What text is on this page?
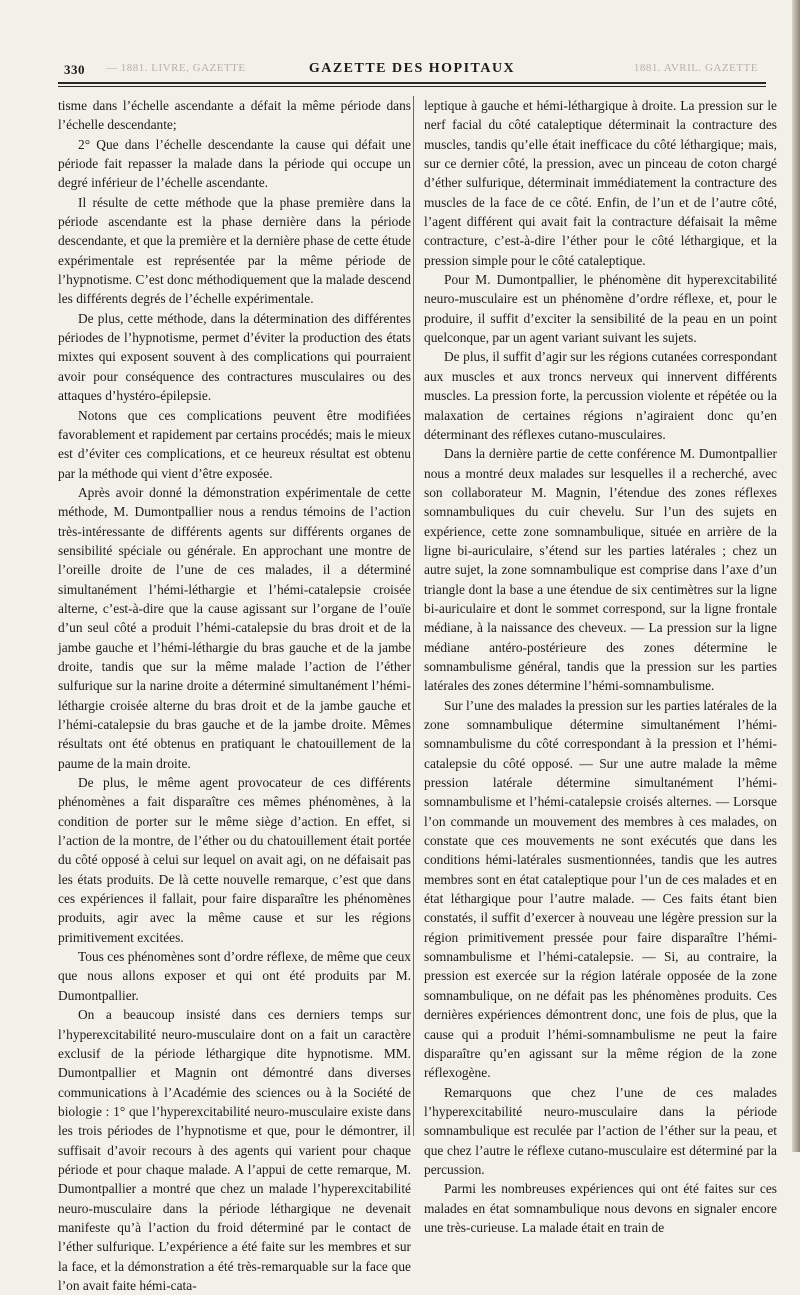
330 — 1881. LIVRE, GAZETTE	GAZETTE DES HOPITAUX	1881. AVRIL. GAZETTE

tisme dans l’échelle ascendante a défait la même période dans l’échelle descendante;

2° Que dans l’échelle descendante la cause qui défait une période fait repasser la malade dans la période qui occupe un degré inférieur de l’échelle ascendante.

Il résulte de cette méthode que la phase première dans la période ascendante est la phase dernière dans la période descendante, et que la première et la dernière phase de cette étude expérimentale est représentée par la même période de l’hypnotisme. C’est donc méthodiquement que la malade descend les différents degrés de l’échelle expérimentale.

De plus, cette méthode, dans la détermination des différentes périodes de l’hypnotisme, permet d’éviter la production des états mixtes qui exposent souvent à des complications qui pourraient avoir pour conséquence des contractures musculaires ou des attaques d’hystéro-épilepsie.

Notons que ces complications peuvent être modifiées favorablement et rapidement par certains procédés; mais le mieux est d’éviter ces complications, et ce heureux résultat est obtenu par la méthode qui vient d’être exposée.

Après avoir donné la démonstration expérimentale de cette méthode, M. Dumontpallier nous a rendus témoins de l’action très-intéressante de différents agents sur différents organes de sensibilité spéciale ou générale. En approchant une montre de l’oreille droite de l’une de ces malades, il a déterminé simultanément l’hémi-léthargie et l’hémi-catalepsie croisée alterne, c’est-à-dire que la cause agissant sur l’organe de l’ouïe d’un seul côté a produit l’hémi-catalepsie du bras droit et de la jambe gauche et l’hémi-léthargie du bras gauche et de la jambe droite, tandis que sur la même malade l’action de l’éther sulfurique sur la narine droite a déterminé simultanément l’hémi-léthargie croisée alterne du bras droit et de la jambe gauche et l’hémi-catalepsie du bras gauche et de la jambe droite. Mêmes résultats ont été obtenus en pratiquant le chatouillement de la paume de la main droite.

De plus, le même agent provocateur de ces différents phénomènes a fait disparaître ces mêmes phénomènes, à la condition de porter sur le même siège d’action. En effet, si l’action de la montre, de l’éther ou du chatouillement était portée du côté opposé à celui sur lequel on avait agi, on ne défaisait pas les états produits. De là cette nouvelle remarque, c’est que dans ces expériences il fallait, pour faire disparaître les phénomènes produits, agir avec la même cause et sur les régions primitivement excitées.

Tous ces phénomènes sont d’ordre réflexe, de même que ceux que nous allons exposer et qui ont été produits par M. Dumontpallier.

On a beaucoup insisté dans ces derniers temps sur l’hyperexcitabilité neuro-musculaire dont on a fait un caractère exclusif de la période léthargique dite hypnotisme. MM. Dumontpallier et Magnin ont démontré dans diverses communications à l’Académie des sciences ou à la Société de biologie : 1° que l’hyperexcitabilité neuro-musculaire existe dans les trois périodes de l’hypnotisme et que, pour le démontrer, il suffisait d’avoir recours à des agents qui varient pour chaque période et pour chaque malade. A l’appui de cette remarque, M. Dumontpallier a montré que chez un malade l’hyperexcitabilité neuro-musculaire dans la période léthargique ne devenait manifeste qu’à l’action du froid déterminé par le contact de l’éther sulfurique. L’expérience a été faite sur les membres et sur la face, et la démonstration a été très-remarquable sur la face que l’on avait faite hémi-cata-

leptique à gauche et hémi-léthargique à droite. La pression sur le nerf facial du côté cataleptique déterminait la contracture des muscles, tandis qu’elle était inefficace du côté léthargique; mais, sur ce dernier côté, la pression, avec un pinceau de coton chargé d’éther sulfurique, déterminait immédiatement la contracture des muscles de la face de ce côté. Enfin, de l’un et de l’autre côté, l’agent différent qui avait fait la contracture défaisait la même contracture, c’est-à-dire l’éther pour le côté léthargique, et la pression simple pour le côté cataleptique.

Pour M. Dumontpallier, le phénomène dit hyperexcitabilité neuro-musculaire est un phénomène d’ordre réflexe, et, pour le produire, il suffit d’exciter la sensibilité de la peau en un point quelconque, par un agent variant suivant les sujets.

De plus, il suffit d’agir sur les régions cutanées correspondant aux muscles et aux troncs nerveux qui innervent différents muscles. La pression forte, la percussion violente et répétée ou la malaxation de certaines régions n’agiraient donc qu’en déterminant des réflexes cutano-musculaires.

Dans la dernière partie de cette conférence M. Dumontpallier nous a montré deux malades sur lesquelles il a recherché, avec son collaborateur M. Magnin, l’étendue des zones réflexes somnambuliques du cuir chevelu. Sur l’un des sujets en expérience, cette zone somnambulique, située en arrière de la ligne bi-auriculaire, s’étend sur les parties latérales ; chez un autre sujet, la zone somnambulique est comprise dans l’axe d’un triangle dont la base a une étendue de six centimètres sur la ligne bi-auriculaire et dont le sommet correspond, sur la ligne frontale médiane, à la naissance des cheveux. — La pression sur la ligne médiane antéro-postérieure des zones détermine le somnambulisme général, tandis que la pression sur les parties latérales des zones détermine l’hémi-somnambulisme.

Sur l’une des malades la pression sur les parties latérales de la zone somnambulique détermine simultanément l’hémi-somnambulisme du côté correspondant à la pression et l’hémi-catalepsie du côté opposé. — Sur une autre malade la même pression latérale détermine simultanément l’hémi-somnambulisme et l’hémi-catalepsie croisés alternes. — Lorsque l’on commande un mouvement des membres à ces malades, on constate que ces mouvements ne sont exécutés que dans les conditions hémi-latérales susmentionnées, tandis que les autres membres sont en état cataleptique pour l’un de ces malades et en état léthargique pour l’autre malade. — Ces faits étant bien constatés, il suffit d’exercer à nouveau une légère pression sur la région primitivement pressée pour faire disparaître l’hémi-somnambulisme et l’hémi-catalepsie. — Si, au contraire, la pression est exercée sur la région latérale opposée de la zone somnambulique, on ne défait pas les phénomènes produits. Ces dernières expériences démontrent donc, une fois de plus, que la cause qui a produit l’hémi-somnambulisme ne peut la faire disparaître qu’en agissant sur la même région de la zone réflexogène.

Remarquons que chez l’une de ces malades l’hyperexcitabilité neuro-musculaire dans la période somnambulique est reculée par l’action de l’éther sur la peau, et que chez l’autre le réflexe cutano-musculaire est déterminé par la percussion.

Parmi les nombreuses expériences qui ont été faites sur ces malades en état somnambulique nous devons en signaler encore une très-curieuse. La malade était en train de
